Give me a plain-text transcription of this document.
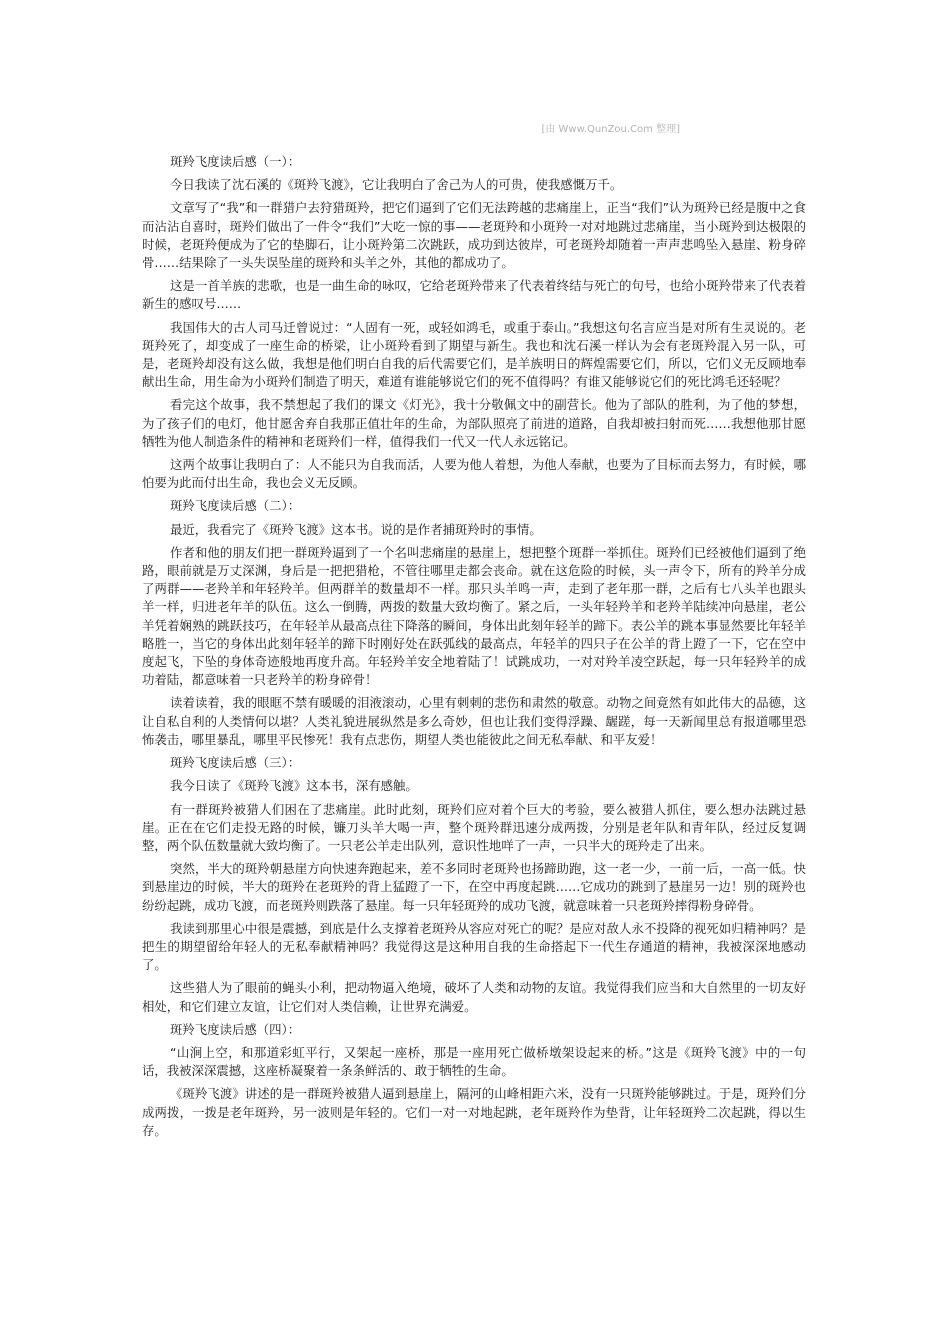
[由 Www.QunZou.Com 整理]
斑羚飞度读后感（一）：
今日我读了沈石溪的《斑羚飞渡》，它让我明白了舍己为人的可贵，使我感慨万千。
文章写了“我”和一群猎户去狩猎斑羚，把它们逼到了它们无法跨越的悲痛崖上，正当“我们”认为斑羚已经是腹中之食而沾沾自喜时，斑羚们做出了一件令“我们”大吃一惊的事——老斑羚和小斑羚一对对地跳过悲痛崖，当小斑羚到达极限的时候，老斑羚便成为了它的垫脚石，让小斑羚第二次跳跃，成功到达彼岸，可老斑羚却随着一声声悲鸣坠入悬崖、粉身碎骨……结果除了一头失误坠崖的斑羚和头羊之外，其他的都成功了。
这是一首羊族的悲歌，也是一曲生命的咏叹，它给老斑羚带来了代表着终结与死亡的句号，也给小斑羚带来了代表着新生的感叹号……
我国伟大的古人司马迁曾说过：“人固有一死，或轻如鸿毛，或重于泰山。”我想这句名言应当是对所有生灵说的。老斑羚死了，却变成了一座生命的桥梁，让小斑羚看到了期望与新生。我也和沈石溪一样认为会有老斑羚混入另一队，可是，老斑羚却没有这么做，我想是他们明白自我的后代需要它们，是羊族明日的辉煌需要它们，所以，它们义无反顾地奉献出生命，用生命为小斑羚们制造了明天，难道有谁能够说它们的死不值得吗？有谁又能够说它们的死比鸿毛还轻呢？
看完这个故事，我不禁想起了我们的课文《灯光》，我十分敬佩文中的副营长。他为了部队的胜利，为了他的梦想，为了孩子们的电灯，他甘愿舍弃自我那正值壮年的生命，为部队照亮了前进的道路，自我却被扫射而死……我想他那甘愿牺牲为他人制造条件的精神和老斑羚们一样，值得我们一代又一代人永远铭记。
这两个故事让我明白了：人不能只为自我而活，人要为他人着想，为他人奉献，也要为了目标而去努力，有时候，哪怕要为此而付出生命，我也会义无反顾。
斑羚飞度读后感（二）：
最近，我看完了《斑羚飞渡》这本书。说的是作者捕斑羚时的事情。
作者和他的朋友们把一群斑羚逼到了一个名叫悲痛崖的悬崖上，想把整个斑群一举抓住。斑羚们已经被他们逼到了绝路，眼前就是万丈深渊，身后是一把把猎枪，不管往哪里走都会丧命。就在这危险的时候，头一声令下，所有的羚羊分成了两群——老羚羊和年轻羚羊。但两群羊的数量却不一样。那只头羊鸣一声，走到了老年那一群，之后有七八头羊也跟头羊一样，归进老年羊的队伍。这么一倒腾，两拨的数量大致均衡了。紧之后，一头年轻羚羊和老羚羊陆续冲向悬崖，老公羊凭着娴熟的跳跃技巧，在年轻羊从最高点往下降落的瞬间，身体出此刻年轻羊的蹄下。表公羊的跳本事显然要比年轻羊略胜一，当它的身体出此刻年轻羊的蹄下时刚好处在跃弧线的最高点，年轻羊的四只子在公羊的背上蹬了一下，它在空中度起飞，下坠的身体奇迹般地再度升高。年轻羚羊安全地着陆了！试跳成功，一对对羚羊凌空跃起，每一只年轻羚羊的成功着陆，都意味着一只老羚羊的粉身碎骨！
读着读着，我的眼眶不禁有暖暖的泪液滚动，心里有刺刺的悲伤和肃然的敬意。动物之间竟然有如此伟大的品德，这让自私自利的人类情何以堪？人类礼貌进展纵然是多么奇妙，但也让我们变得浮躁、龌蹉，每一天新闻里总有报道哪里恐怖袭击，哪里暴乱，哪里平民惨死！我有点悲伤，期望人类也能彼此之间无私奉献、和平友爱！
斑羚飞度读后感（三）：
我今日读了《斑羚飞渡》这本书，深有感触。
有一群斑羚被猎人们困在了悲痛崖。此时此刻，斑羚们应对着个巨大的考验，要么被猎人抓住，要么想办法跳过悬崖。正在在它们走投无路的时候，镰刀头羊大喝一声，整个斑羚群迅速分成两拨，分别是老年队和青年队，经过反复调整，两个队伍数量就大致均衡了。一只老公羊走出队列，意识性地咩了一声，一只半大的斑羚走了出来。
突然，半大的斑羚朝悬崖方向快速奔跑起来，差不多同时老斑羚也扬蹄助跑，这一老一少，一前一后，一高一低。快到悬崖边的时候，半大的斑羚在老斑羚的背上猛蹬了一下，在空中再度起跳……它成功的跳到了悬崖另一边！别的斑羚也纷纷起跳，成功飞渡，而老斑羚则跌落了悬崖。每一只年轻斑羚的成功飞渡，就意味着一只老斑羚摔得粉身碎骨。
我读到那里心中很是震撼，到底是什么支撑着老斑羚从容应对死亡的呢？是应对敌人永不投降的视死如归精神吗？是把生的期望留给年轻人的无私奉献精神吗？我觉得这是这种用自我的生命搭起下一代生存通道的精神，我被深深地感动了。
这些猎人为了眼前的蝇头小利，把动物逼入绝境，破坏了人类和动物的友谊。我觉得我们应当和大自然里的一切友好相处，和它们建立友谊，让它们对人类信赖，让世界充满爱。
斑羚飞度读后感（四）：
“山涧上空，和那道彩虹平行，又架起一座桥，那是一座用死亡做桥墩架设起来的桥。”这是《斑羚飞渡》中的一句话，我被深深震撼，这座桥凝聚着一条条鲜活的、敢于牺牲的生命。
《斑羚飞渡》讲述的是一群斑羚被猎人逼到悬崖上，隔河的山峰相距六米，没有一只斑羚能够跳过。于是，斑羚们分成两拨，一拨是老年斑羚，另一波则是年轻的。它们一对一对地起跳，老年斑羚作为垫背，让年轻斑羚二次起跳，得以生存。
